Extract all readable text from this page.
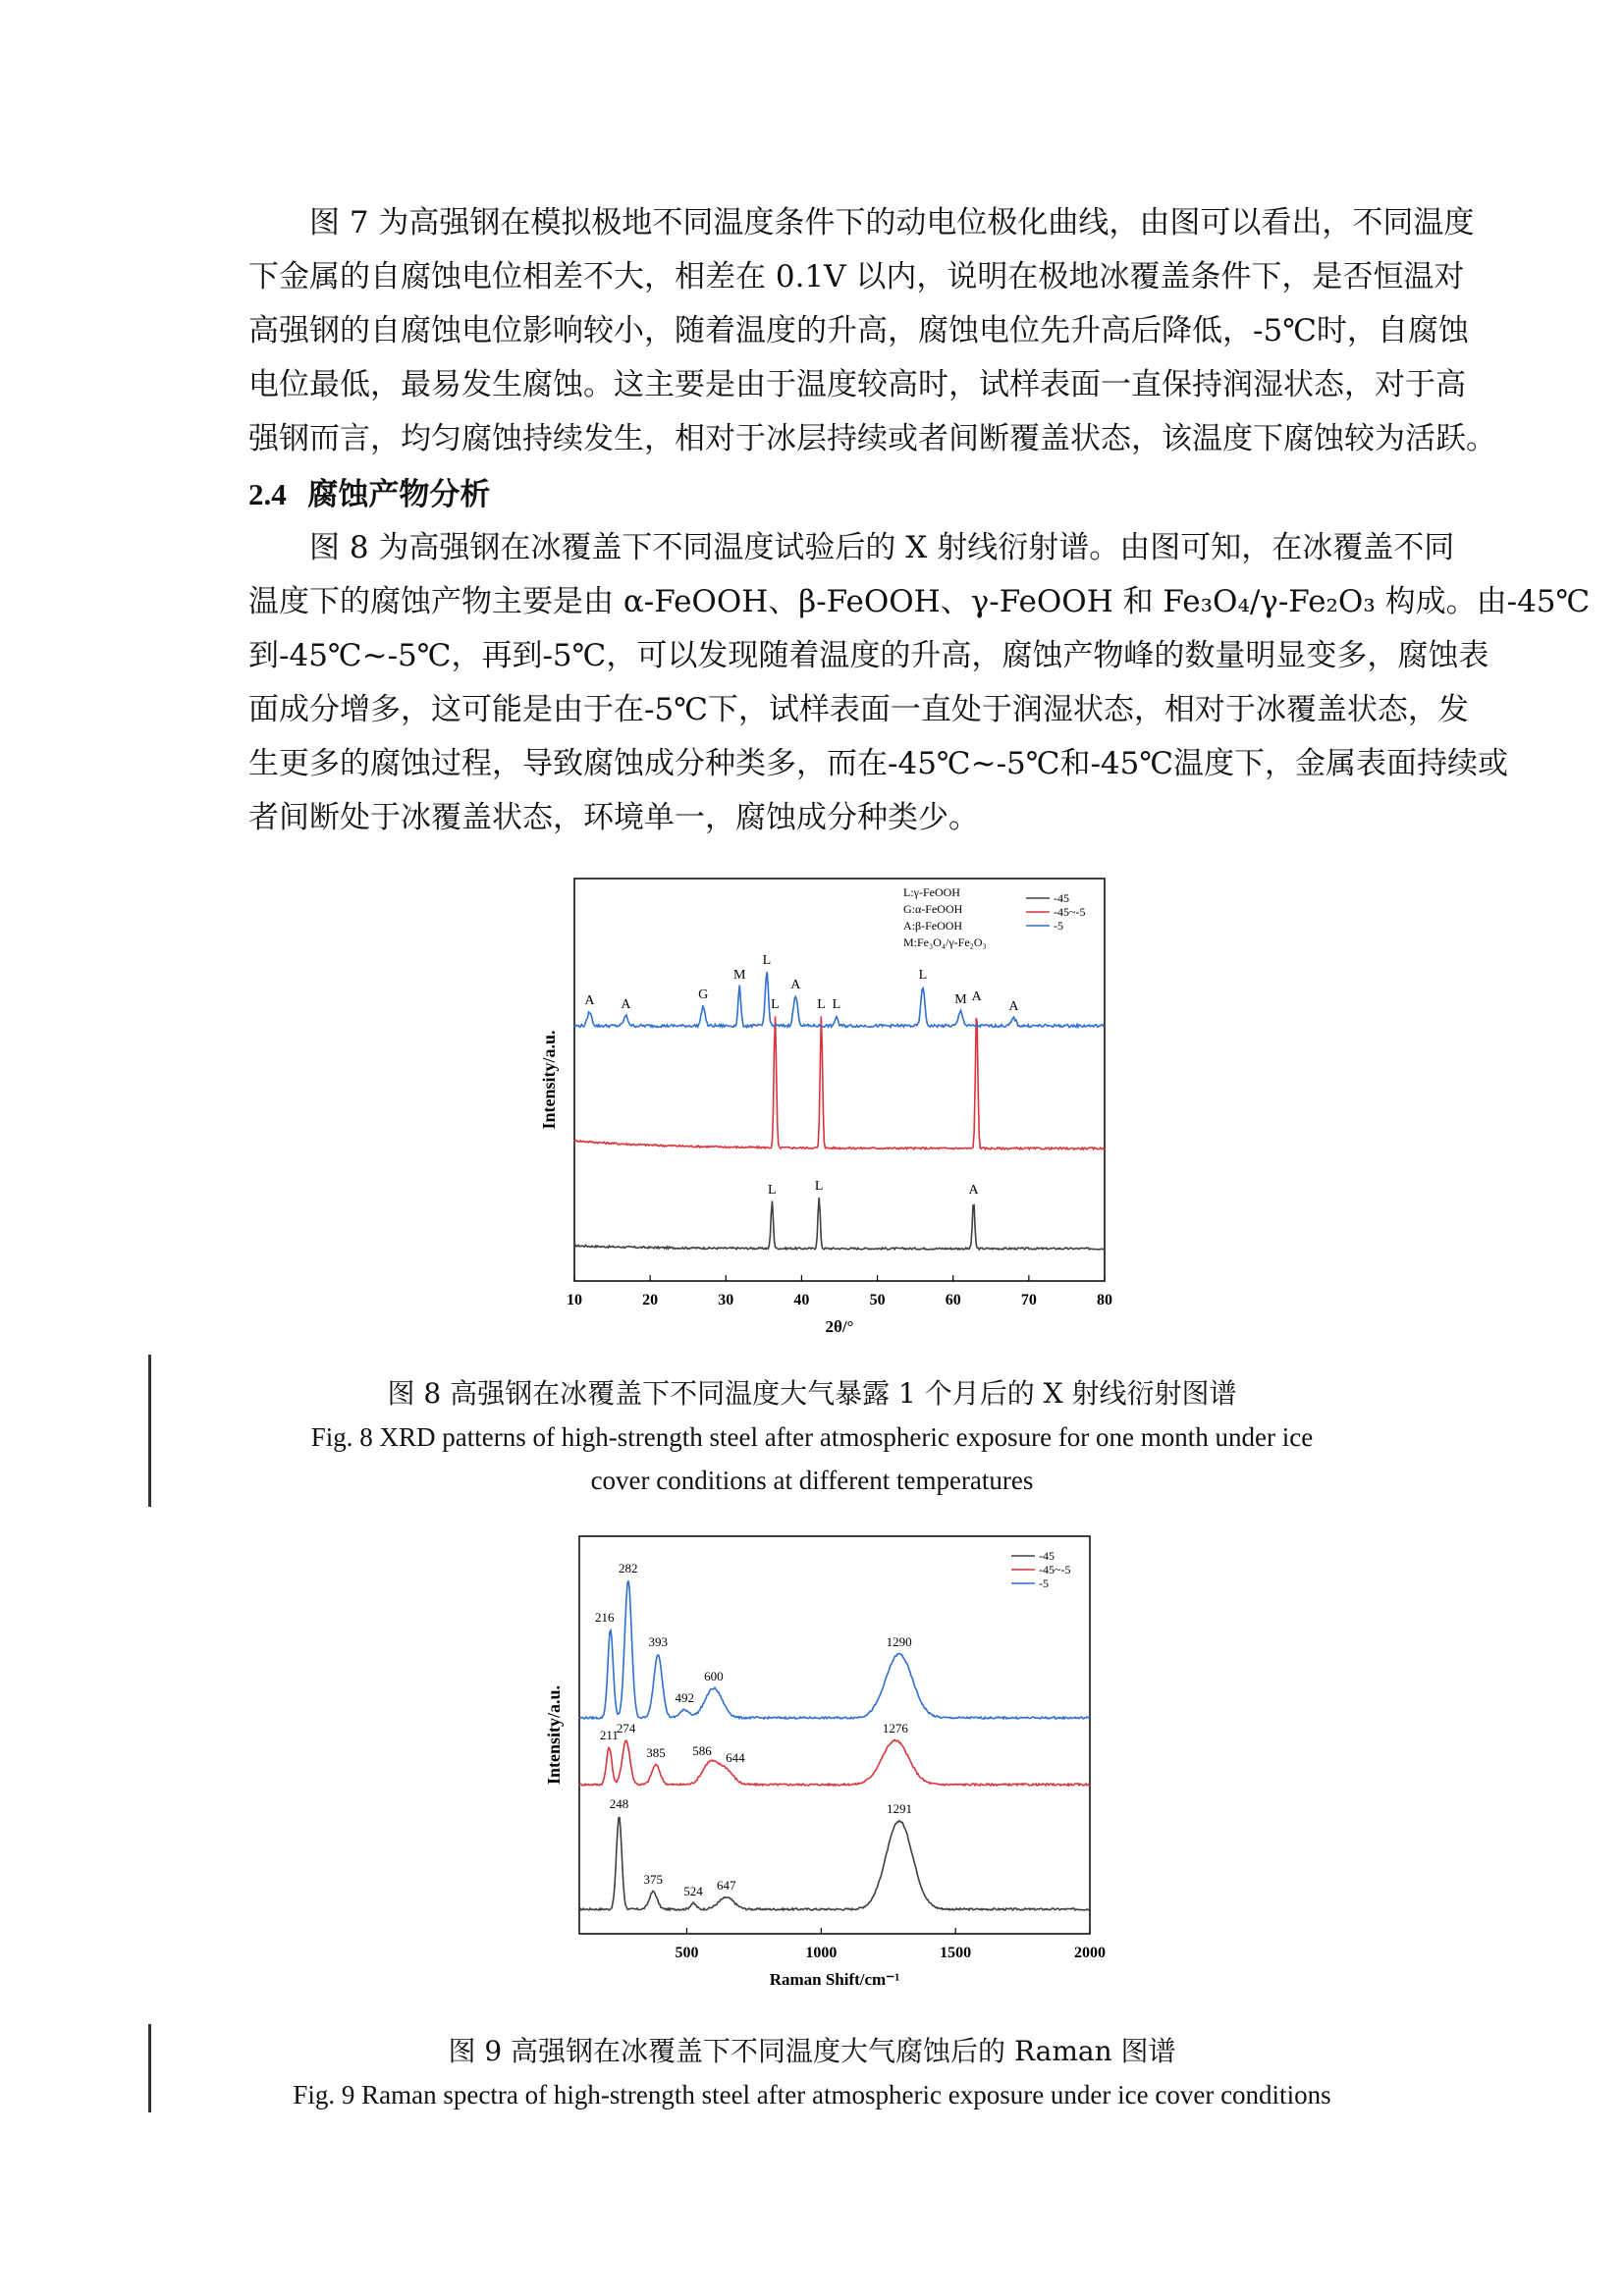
图 7 为高强钢在模拟极地不同温度条件下的动电位极化曲线，由图可以看出，不同温度
下金属的自腐蚀电位相差不大，相差在 0.1V 以内，说明在极地冰覆盖条件下，是否恒温对
高强钢的自腐蚀电位影响较小，随着温度的升高，腐蚀电位先升高后降低，-5℃时，自腐蚀
电位最低，最易发生腐蚀。这主要是由于温度较高时，试样表面一直保持润湿状态，对于高
强钢而言，均匀腐蚀持续发生，相对于冰层持续或者间断覆盖状态，该温度下腐蚀较为活跃。
2.4 腐蚀产物分析
图 8 为高强钢在冰覆盖下不同温度试验后的 X 射线衍射谱。由图可知，在冰覆盖不同
温度下的腐蚀产物主要是由 α-FeOOH、β-FeOOH、γ-FeOOH 和 Fe₃O₄/γ-Fe₂O₃ 构成。由-45℃
到-45℃~-5℃，再到-5℃，可以发现随着温度的升高，腐蚀产物峰的数量明显变多，腐蚀表
面成分增多，这可能是由于在-5℃下，试样表面一直处于润湿状态，相对于冰覆盖状态，发
生更多的腐蚀过程，导致腐蚀成分种类多，而在-45℃~-5℃和-45℃温度下，金属表面持续或
者间断处于冰覆盖状态，环境单一，腐蚀成分种类少。
10	20	30	40	50	60	70	80
2θ/°
Intensity/a.u.
L	L	A
L	L
A
A A
G
M
L
A
L
L
M	A
-45
-45~-5
-5
L:γ-FeOOH
G:α-FeOOH
A:β-FeOOH
M:Fe₃O₄/γ-Fe₂O₃
图 8 高强钢在冰覆盖下不同温度大气暴露 1 个月后的 X 射线衍射图谱
Fig. 8 XRD patterns of high-strength steel after atmospheric exposure for one month under ice
cover conditions at different temperatures
500	1000	1500	2000
Raman Shift/cm⁻¹
Intensity/a.u.
248
375
524 647
1291
211
274
385 586 644
1276
216
282
393
492
600
1290
-45
-45~-5
-5
图 9 高强钢在冰覆盖下不同温度大气腐蚀后的 Raman 图谱
Fig. 9 Raman spectra of high-strength steel after atmospheric exposure under ice cover conditions
